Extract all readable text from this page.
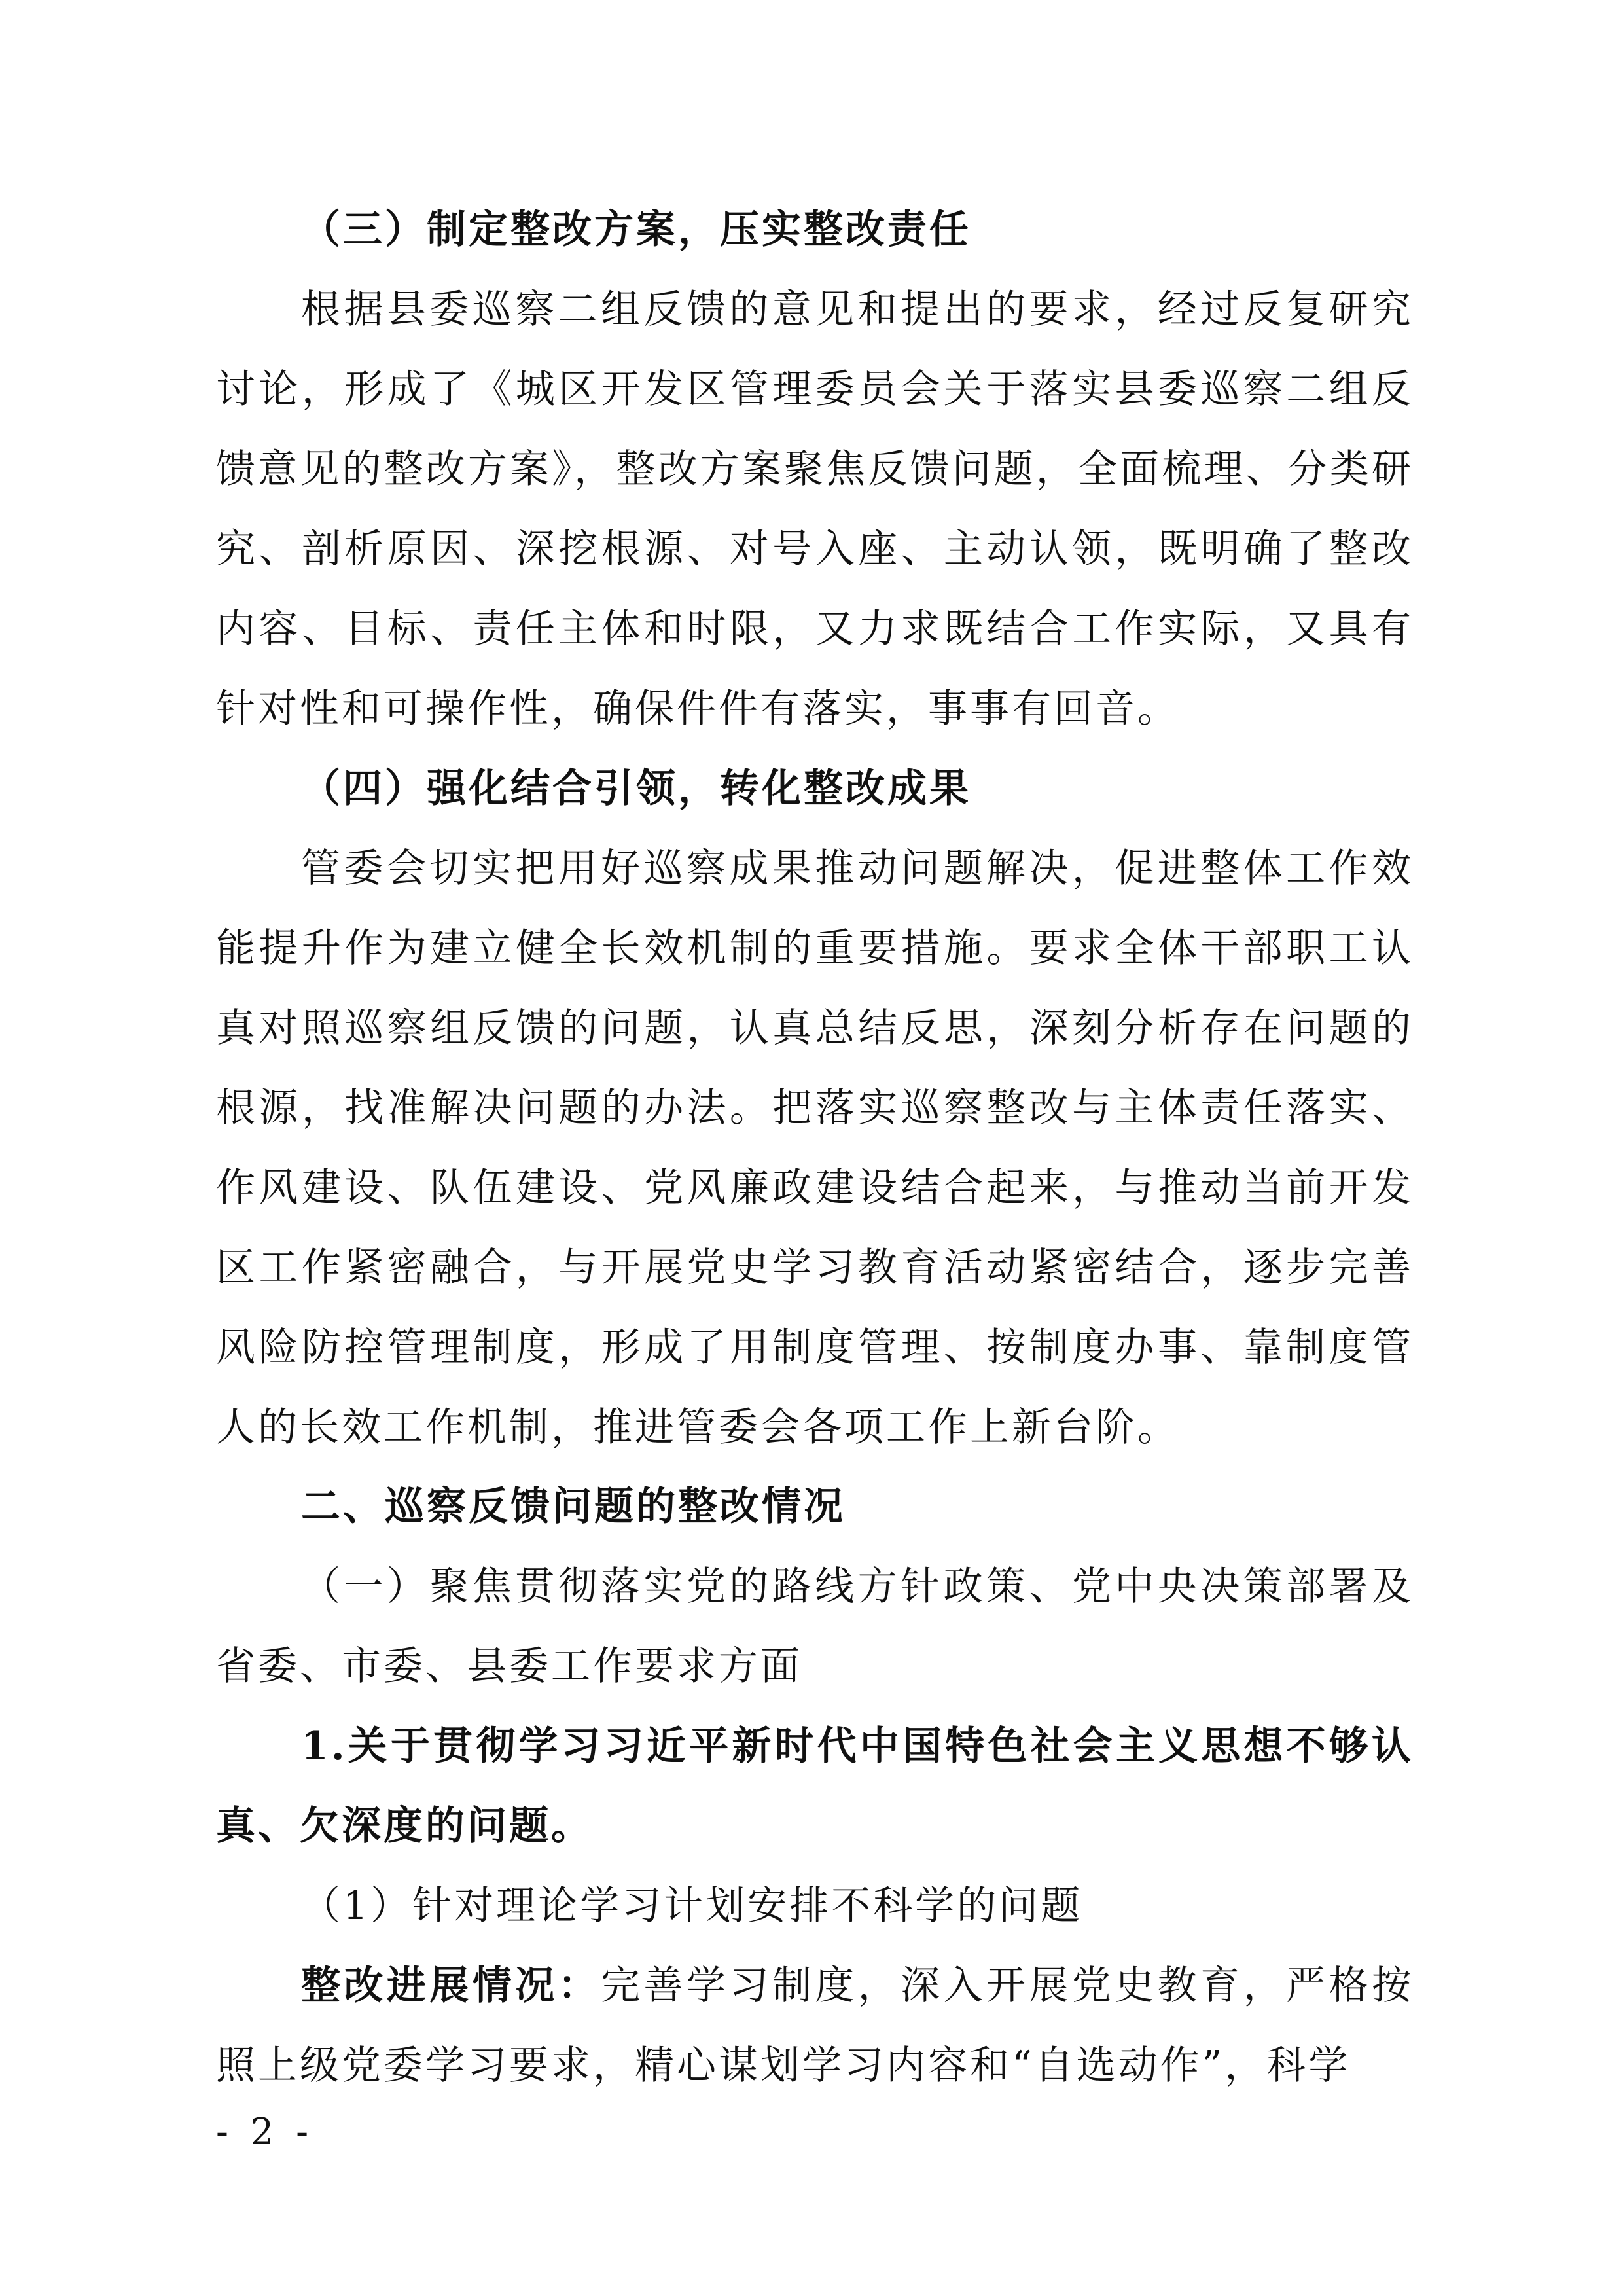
（三）制定整改方案，压实整改责任

根据县委巡察二组反馈的意见和提出的要求，经过反复研究讨论，形成了《城区开发区管理委员会关于落实县委巡察二组反馈意见的整改方案》，整改方案聚焦反馈问题，全面梳理、分类研究、剖析原因、深挖根源、对号入座、主动认领，既明确了整改内容、目标、责任主体和时限，又力求既结合工作实际，又具有针对性和可操作性，确保件件有落实，事事有回音。

（四）强化结合引领，转化整改成果

管委会切实把用好巡察成果推动问题解决，促进整体工作效能提升作为建立健全长效机制的重要措施。要求全体干部职工认真对照巡察组反馈的问题，认真总结反思，深刻分析存在问题的根源，找准解决问题的办法。把落实巡察整改与主体责任落实、作风建设、队伍建设、党风廉政建设结合起来，与推动当前开发区工作紧密融合，与开展党史学习教育活动紧密结合，逐步完善风险防控管理制度，形成了用制度管理、按制度办事、靠制度管人的长效工作机制，推进管委会各项工作上新台阶。

二、巡察反馈问题的整改情况

（一）聚焦贯彻落实党的路线方针政策、党中央决策部署及省委、市委、县委工作要求方面

1.关于贯彻学习习近平新时代中国特色社会主义思想不够认真、欠深度的问题。

（1）针对理论学习计划安排不科学的问题

整改进展情况：完善学习制度，深入开展党史教育，严格按照上级党委学习要求，精心谋划学习内容和“自选动作”，科学

- 2 -
